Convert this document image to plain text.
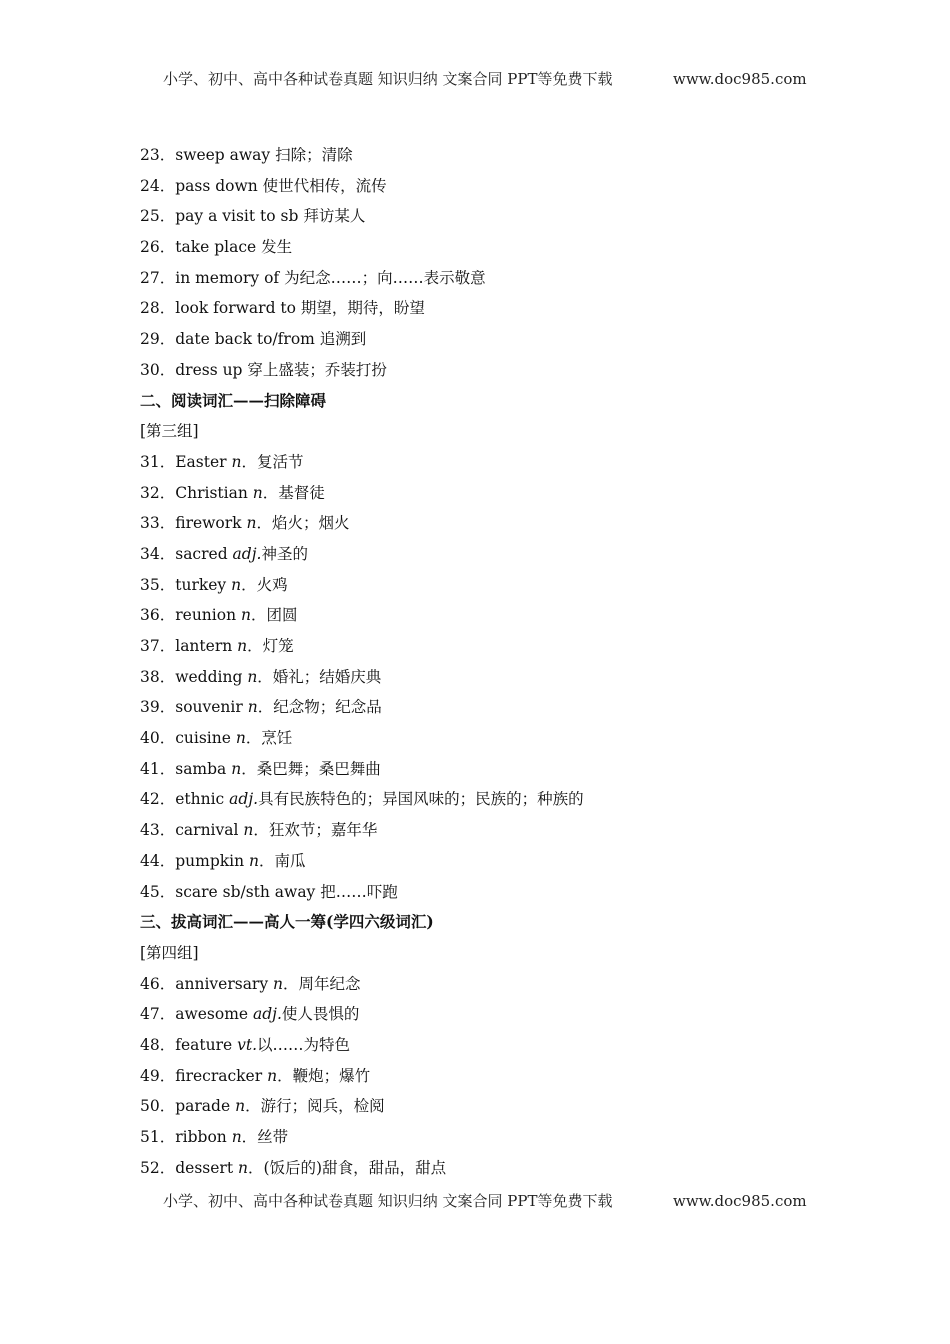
小学、初中、高中各种试卷真题 知识归纳 文案合同 PPT等免费下载	www.doc985.com
23．sweep away 扫除；清除
24．pass down 使世代相传，流传
25．pay a visit to sb 拜访某人
26．take place 发生
27．in memory of 为纪念……；向……表示敬意
28．look forward to 期望，期待，盼望
29．date back to/from 追溯到
30．dress up 穿上盛装；乔装打扮
二、阅读词汇——扫除障碍
[第三组]
31．Easter n．复活节
32．Christian n．基督徒
33．firework n．焰火；烟火
34．sacred adj.神圣的
35．turkey n．火鸡
36．reunion n．团圆
37．lantern n．灯笼
38．wedding n．婚礼；结婚庆典
39．souvenir n．纪念物；纪念品
40．cuisine n．烹饪
41．samba n．桑巴舞；桑巴舞曲
42．ethnic adj.具有民族特色的；异国风味的；民族的；种族的
43．carnival n．狂欢节；嘉年华
44．pumpkin n．南瓜
45．scare sb/sth away 把……吓跑
三、拔高词汇——高人一筹(学四六级词汇)
[第四组]
46．anniversary n．周年纪念
47．awesome adj.使人畏惧的
48．feature vt.以……为特色
49．firecracker n．鞭炮；爆竹
50．parade n．游行；阅兵，检阅
51．ribbon n．丝带
52．dessert n．(饭后的)甜食，甜品，甜点
小学、初中、高中各种试卷真题 知识归纳 文案合同 PPT等免费下载	www.doc985.com
